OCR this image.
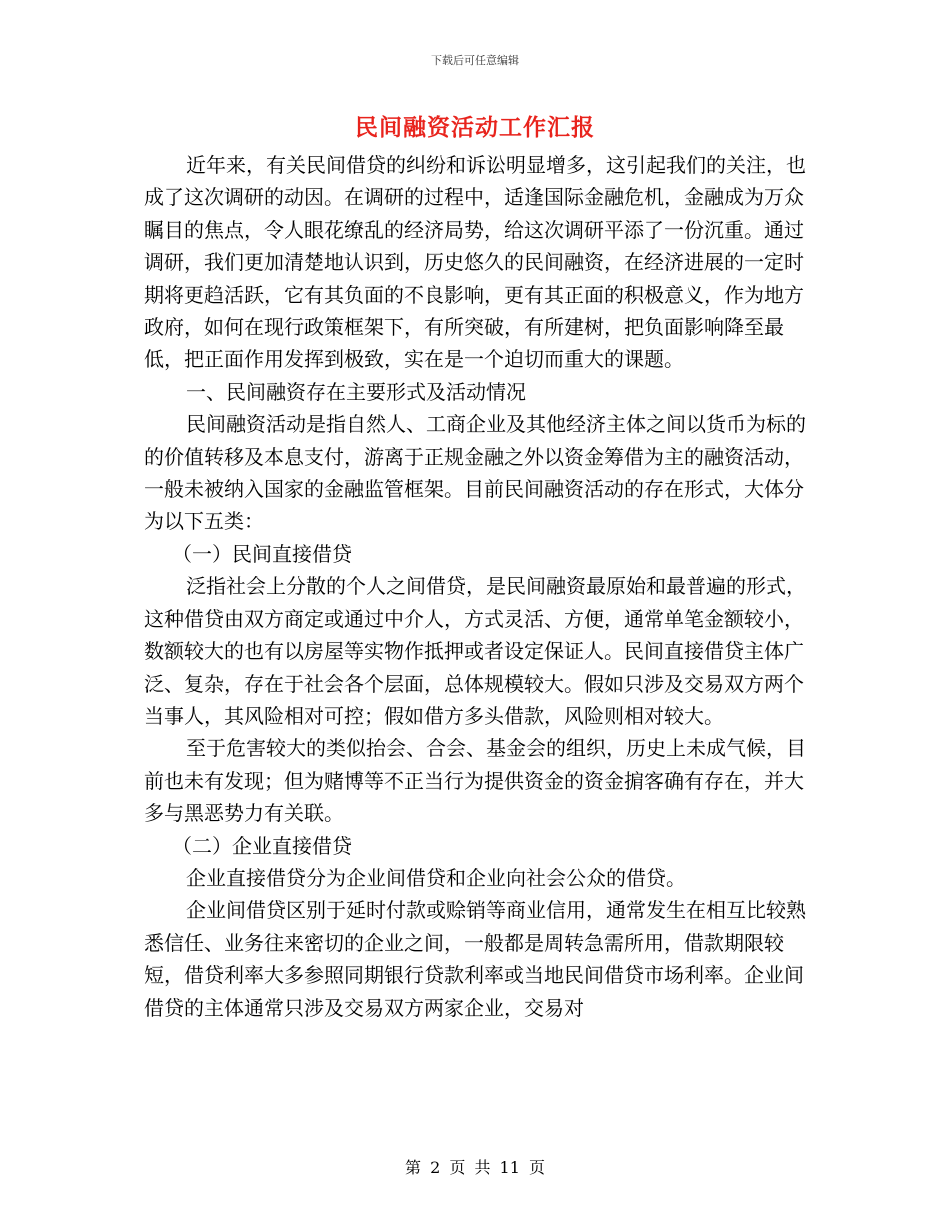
下载后可任意编辑
民间融资活动工作汇报

近年来，有关民间借贷的纠纷和诉讼明显增多，这引起我们的关注，也成了这次调研的动因。在调研的过程中，适逢国际金融危机，金融成为万众瞩目的焦点，令人眼花缭乱的经济局势，给这次调研平添了一份沉重。通过调研，我们更加清楚地认识到，历史悠久的民间融资，在经济进展的一定时期将更趋活跃，它有其负面的不良影响，更有其正面的积极意义，作为地方政府，如何在现行政策框架下，有所突破，有所建树，把负面影响降至最低，把正面作用发挥到极致，实在是一个迫切而重大的课题。

一、民间融资存在主要形式及活动情况

民间融资活动是指自然人、工商企业及其他经济主体之间以货币为标的的价值转移及本息支付，游离于正规金融之外以资金筹借为主的融资活动，一般未被纳入国家的金融监管框架。目前民间融资活动的存在形式，大体分为以下五类：

（一）民间直接借贷

泛指社会上分散的个人之间借贷，是民间融资最原始和最普遍的形式，这种借贷由双方商定或通过中介人，方式灵活、方便，通常单笔金额较小，数额较大的也有以房屋等实物作抵押或者设定保证人。民间直接借贷主体广泛、复杂，存在于社会各个层面，总体规模较大。假如只涉及交易双方两个当事人，其风险相对可控；假如借方多头借款，风险则相对较大。

至于危害较大的类似抬会、合会、基金会的组织，历史上未成气候，目前也未有发现；但为赌博等不正当行为提供资金的资金掮客确有存在，并大多与黑恶势力有关联。

（二）企业直接借贷

企业直接借贷分为企业间借贷和企业向社会公众的借贷。

企业间借贷区别于延时付款或赊销等商业信用，通常发生在相互比较熟悉信任、业务往来密切的企业之间，一般都是周转急需所用，借款期限较短，借贷利率大多参照同期银行贷款利率或当地民间借贷市场利率。企业间借贷的主体通常只涉及交易双方两家企业，交易对

第 2 页 共 11 页
